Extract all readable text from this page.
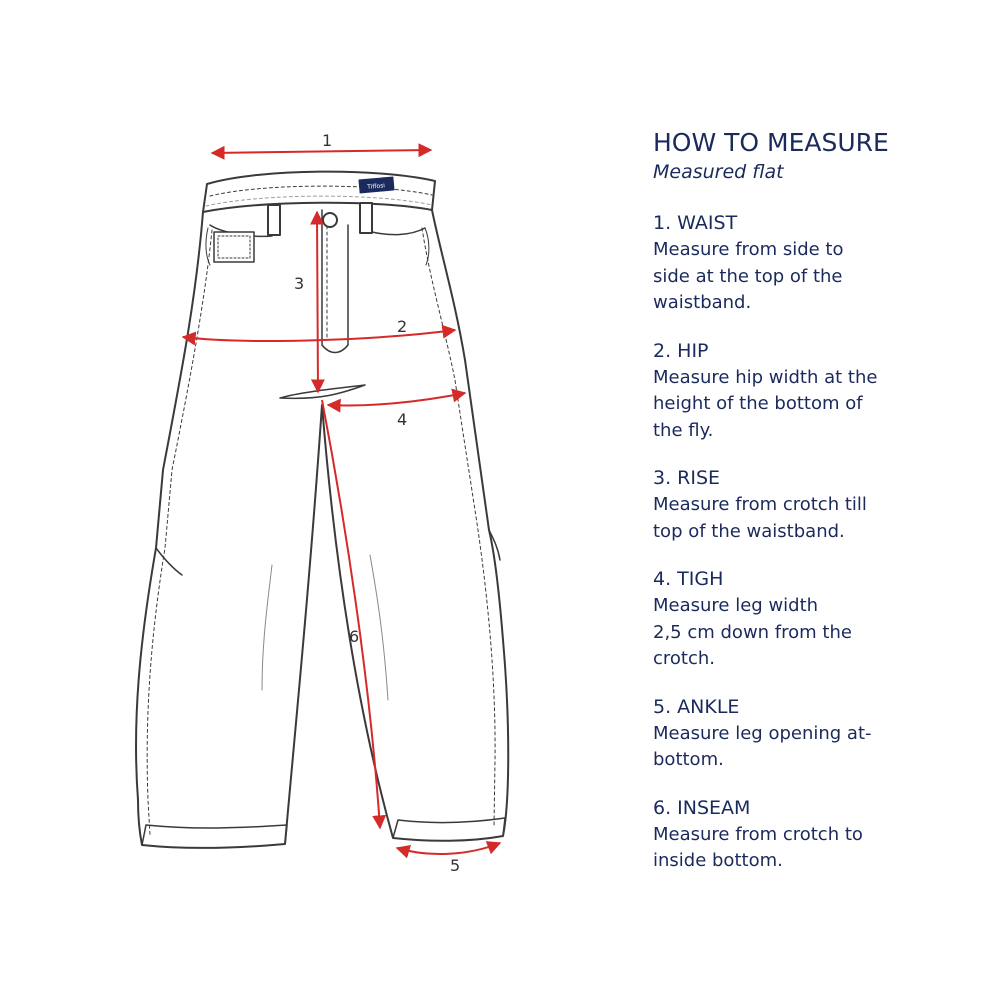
Tiffosi
1
3
2
4
6
5
HOW TO MEASURE

Measured flat

1. WAIST

Measure from side to
side at the top of the
waistband.

2. HIP

Measure hip width at the
height of the bottom of
the fly.

3. RISE

Measure from crotch till
top of the waistband.

4. TIGH

Measure leg width
2,5 cm down from the
crotch.

5. ANKLE

Measure leg opening at-
bottom.

6. INSEAM

Measure from crotch to
inside bottom.
